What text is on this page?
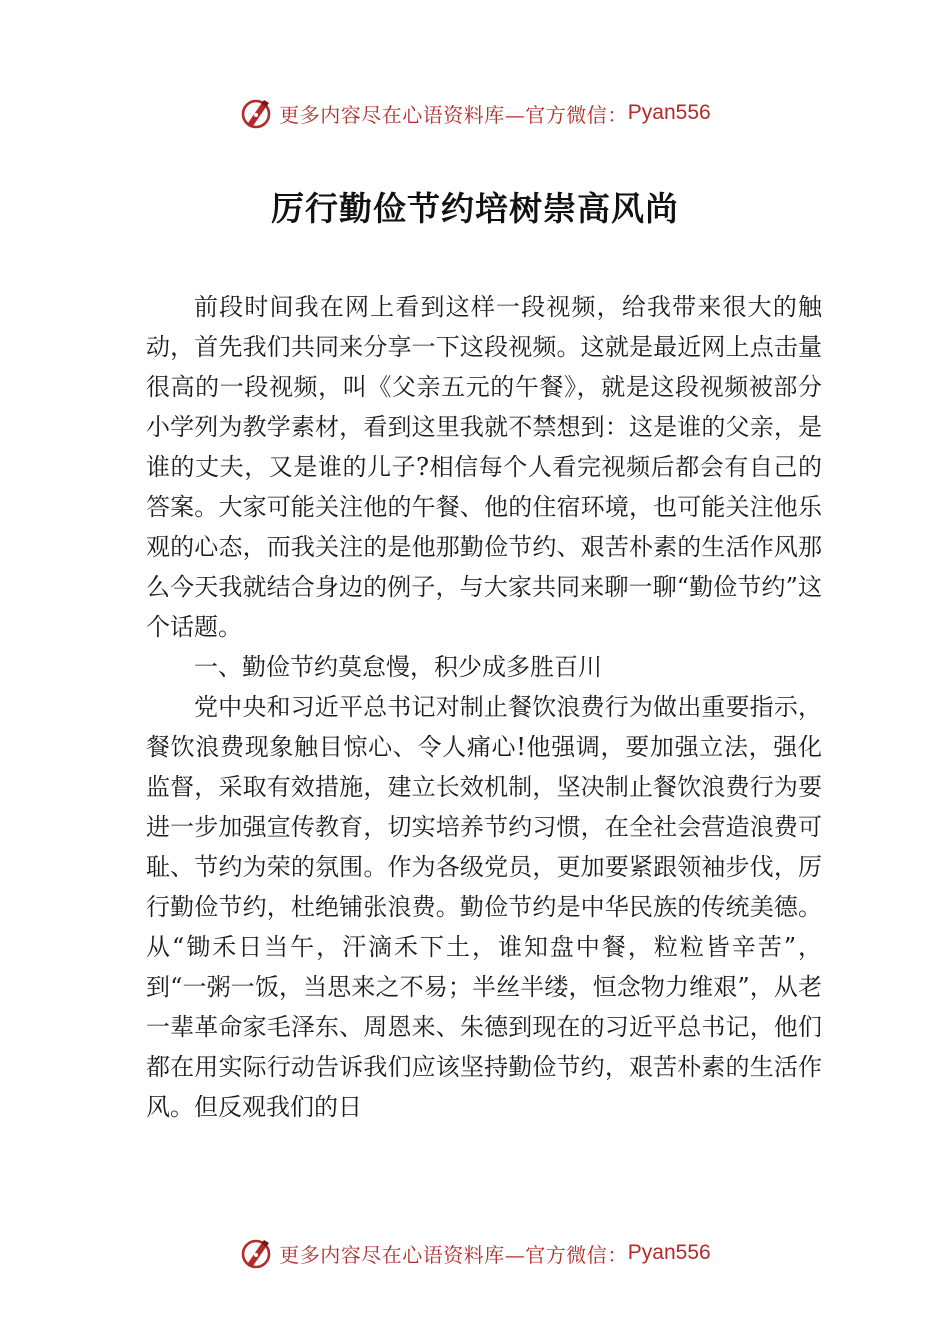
更多内容尽在心语资料库—官方微信： Pyan556
厉行勤俭节约培树崇高风尚

前段时间我在网上看到这样一段视频，给我带来很大的触动，首先我们共同来分享一下这段视频。这就是最近网上点击量很高的一段视频，叫《父亲五元的午餐》，就是这段视频被部分小学列为教学素材，看到这里我就不禁想到：这是谁的父亲，是谁的丈夫，又是谁的儿子?相信每个人看完视频后都会有自己的答案。大家可能关注他的午餐、他的住宿环境，也可能关注他乐观的心态，而我关注的是他那勤俭节约、艰苦朴素的生活作风那么今天我就结合身边的例子，与大家共同来聊一聊“勤俭节约”这个话题。

一、勤俭节约莫怠慢，积少成多胜百川

党中央和习近平总书记对制止餐饮浪费行为做出重要指示，餐饮浪费现象触目惊心、令人痛心!他强调，要加强立法，强化监督，采取有效措施，建立长效机制，坚决制止餐饮浪费行为要进一步加强宣传教育，切实培养节约习惯，在全社会营造浪费可耻、节约为荣的氛围。作为各级党员，更加要紧跟领袖步伐，厉行勤俭节约，杜绝铺张浪费。勤俭节约是中华民族的传统美德。从“锄禾日当午，汗滴禾下土，谁知盘中餐，粒粒皆辛苦”，到“一粥一饭，当思来之不易；半丝半缕，恒念物力维艰”，从老一辈革命家毛泽东、周恩来、朱德到现在的习近平总书记，他们都在用实际行动告诉我们应该坚持勤俭节约，艰苦朴素的生活作风。但反观我们的日

更多内容尽在心语资料库—官方微信： Pyan556
